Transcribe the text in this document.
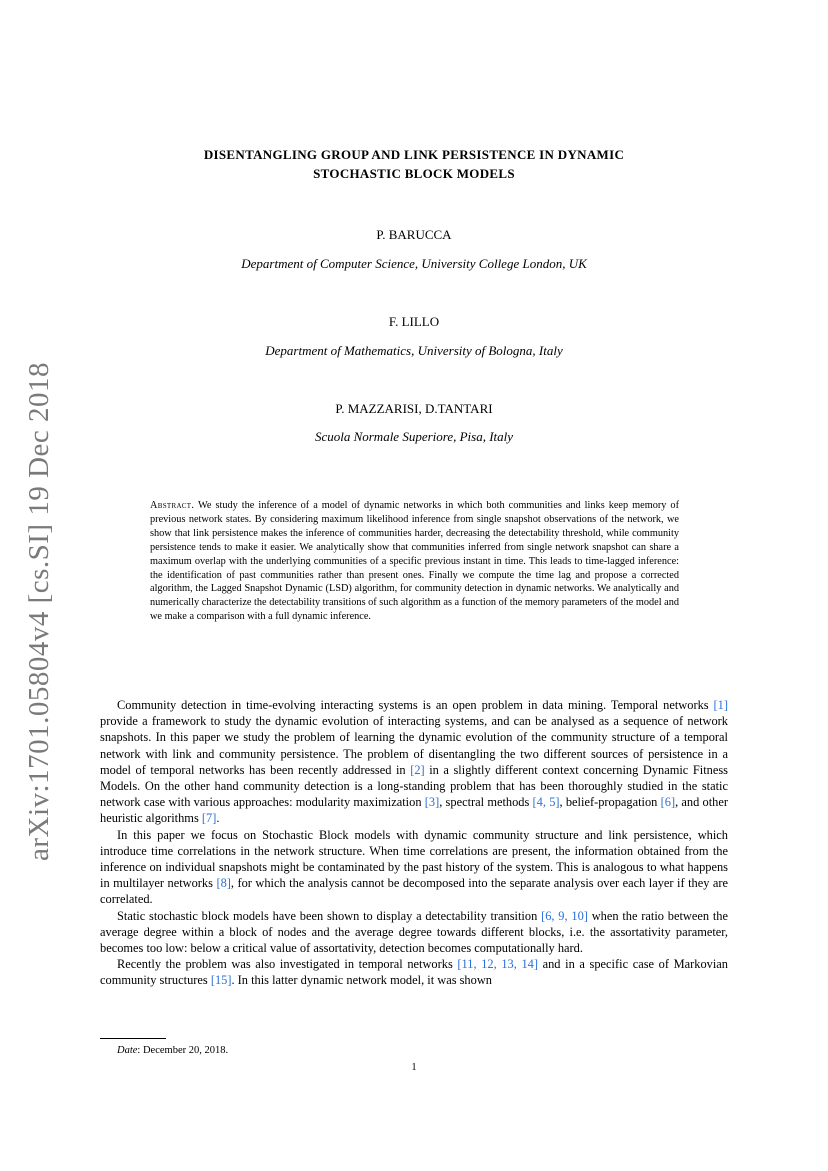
arXiv:1701.05804v4 [cs.SI] 19 Dec 2018
DISENTANGLING GROUP AND LINK PERSISTENCE IN DYNAMIC
STOCHASTIC BLOCK MODELS
P. BARUCCA
Department of Computer Science, University College London, UK
F. LILLO
Department of Mathematics, University of Bologna, Italy
P. MAZZARISI, D.TANTARI
Scuola Normale Superiore, Pisa, Italy
Abstract. We study the inference of a model of dynamic networks in which both communities and links keep memory of previous network states. By considering maximum likelihood inference from single snapshot observations of the network, we show that link persistence makes the inference of communities harder, decreasing the detectability threshold, while community persistence tends to make it easier. We analytically show that communities inferred from single network snapshot can share a maximum overlap with the underlying communities of a specific previous instant in time. This leads to time-lagged inference: the identification of past communities rather than present ones. Finally we compute the time lag and propose a corrected algorithm, the Lagged Snapshot Dynamic (LSD) algorithm, for community detection in dynamic networks. We analytically and numerically characterize the detectability transitions of such algorithm as a function of the memory parameters of the model and we make a comparison with a full dynamic inference.

Community detection in time-evolving interacting systems is an open problem in data mining. Temporal networks [1] provide a framework to study the dynamic evolution of interacting systems, and can be analysed as a sequence of network snapshots. In this paper we study the problem of learning the dynamic evolution of the community structure of a temporal network with link and community persistence. The problem of disentangling the two different sources of persistence in a model of temporal networks has been recently addressed in [2] in a slightly different context concerning Dynamic Fitness Models. On the other hand community detection is a long-standing problem that has been thoroughly studied in the static network case with various approaches: modularity maximization [3], spectral methods [4, 5], belief-propagation [6], and other heuristic algorithms [7].

In this paper we focus on Stochastic Block models with dynamic community structure and link persistence, which introduce time correlations in the network structure. When time correlations are present, the information obtained from the inference on individual snapshots might be contaminated by the past history of the system. This is analogous to what happens in multilayer networks [8], for which the analysis cannot be decomposed into the separate analysis over each layer if they are correlated.

Static stochastic block models have been shown to display a detectability transition [6, 9, 10] when the ratio between the average degree within a block of nodes and the average degree towards different blocks, i.e. the assortativity parameter, becomes too low: below a critical value of assortativity, detection becomes computationally hard.

Recently the problem was also investigated in temporal networks [11, 12, 13, 14] and in a specific case of Markovian community structures [15]. In this latter dynamic network model, it was shown

Date: December 20, 2018.
1
